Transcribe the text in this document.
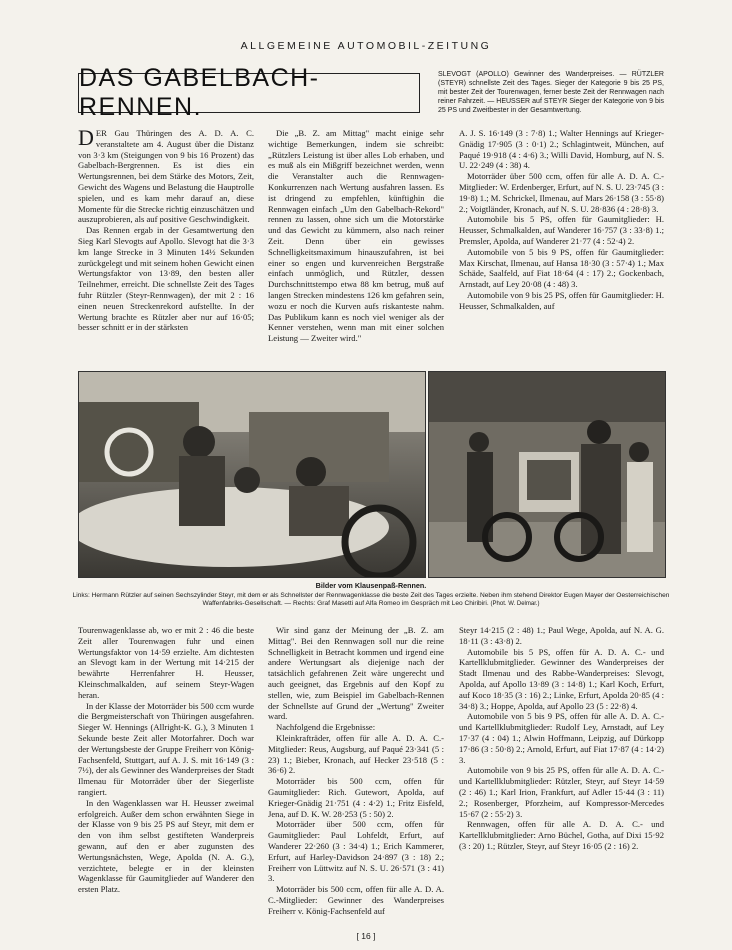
ALLGEMEINE AUTOMOBIL-ZEITUNG
DAS GABELBACH-RENNEN.

SLEVOGT (APOLLO) Gewinner des Wanderpreises. — RÜTZLER (STEYR) schnellste Zeit des Tages. Sieger der Kategorie 9 bis 25 PS, mit bester Zeit der Tourenwagen, ferner beste Zeit der Rennwagen nach reiner Fahrzeit. — HEUSSER auf STEYR Sieger der Kategorie von 9 bis 25 PS und Zweitbester in der Gesamtwertung.

DER Gau Thüringen des A. D. A. C. veranstaltete am 4. August über die Distanz von 3·3 km (Steigungen von 9 bis 16 Prozent) das Gabelbach-Bergrennen. Es ist dies ein Wertungsrennen, bei dem Stärke des Motors, Zeit, Gewicht des Wagens und Belastung die Hauptrolle spielen, und es kam mehr darauf an, diese Momente für die Strecke richtig einzuschätzen und auszuprobieren, als auf positive Geschwindigkeit.

Das Rennen ergab in der Gesamtwertung den Sieg Karl Slevogts auf Apollo. Slevogt hat die 3·3 km lange Strecke in 3 Minuten 14½ Sekunden zurückgelegt und mit seinem hohen Gewicht einen Wertungsfaktor von 13·89, den besten aller Teilnehmer, erreicht. Die schnellste Zeit des Tages fuhr Rützler (Steyr-Rennwagen), der mit 2 : 16 einen neuen Streckenrekord aufstellte. In der Wertung brachte es Rützler aber nur auf 16·05; besser schnitt er in der stärksten

Die „B. Z. am Mittag" macht einige sehr wichtige Bemerkungen, indem sie schreibt: „Rützlers Leistung ist über alles Lob erhaben, und es muß als ein Mißgriff bezeichnet werden, wenn die Veranstalter auch die Rennwagen-Konkurrenzen nach Wertung ausfahren lassen. Es ist dringend zu empfehlen, künftighin die Rennwagen einfach „Um den Gabelbach-Rekord" rennen zu lassen, ohne sich um die Motorstärke und das Gewicht zu kümmern, also nach reiner Zeit. Denn über ein gewisses Schnelligkeitsmaximum hinauszufahren, ist bei einer so engen und kurvenreichen Bergstraße einfach unmöglich, und Rützler, dessen Durchschnittstempo etwa 88 km betrug, muß auf langen Strecken mindestens 126 km gefahren sein, wozu er noch die Kurven aufs riskanteste nahm. Das Publikum kann es noch viel weniger als der Kenner verstehen, wenn man mit einer solchen Leistung — Zweiter wird."

A. J. S. 16·149 (3 : 7·8) 1.; Walter Hennings auf Krieger-Gnädig 17·905 (3 : 0·1) 2.; Schlagintweit, München, auf Paqué 19·918 (4 : 4·6) 3.; Willi David, Homburg, auf N. S. U. 22·249 (4 : 38) 4.

Motorräder über 500 ccm, offen für alle A. D. A. C.-Mitglieder: W. Erdenberger, Erfurt, auf N. S. U. 23·745 (3 : 19·8) 1.; M. Schrickel, Ilmenau, auf Mars 26·158 (3 : 55·8) 2.; Voigtländer, Kronach, auf N. S. U. 28·836 (4 : 28·8) 3.

Automobile bis 5 PS, offen für Gaumitglieder: H. Heusser, Schmalkalden, auf Wanderer 16·757 (3 : 33·8) 1.; Premsler, Apolda, auf Wanderer 21·77 (4 : 52·4) 2.

Automobile von 5 bis 9 PS, offen für Gaumitglieder: Max Kirschat, Ilmenau, auf Hansa 18·30 (3 : 57·4) 1.; Max Schäde, Saalfeld, auf Fiat 18·64 (4 : 17) 2.; Gockenbach, Arnstadt, auf Ley 20·08 (4 : 48) 3.

Automobile von 9 bis 25 PS, offen für Gaumitglieder: H. Heusser, Schmalkalden, auf

Bilder vom Klausenpaß-Rennen.
Links: Hermann Rützler auf seinen Sechszylinder Steyr, mit dem er als Schnellster der Rennwagenklasse die beste Zeit des Tages erzielte. Neben ihm stehend Direktor Eugen Mayer der Oesterreichischen Waffenfabriks-Gesellschaft. — Rechts: Graf Masetti auf Alfa Romeo im Gespräch mit Leo Chiribiri. (Phot. W. Delmar.)

Tourenwagenklasse ab, wo er mit 2 : 46 die beste Zeit aller Tourenwagen fuhr und einen Wertungsfaktor von 14·59 erzielte. Am dichtesten an Slevogt kam in der Wertung mit 14·215 der bewährte Herrenfahrer H. Heusser, Kleinschmalkalden, auf seinem Steyr-Wagen heran.

In der Klasse der Motorräder bis 500 ccm wurde die Bergmeisterschaft von Thüringen ausgefahren. Sieger W. Hennings (Allright-K. G.), 3 Minuten 1 Sekunde beste Zeit aller Motorfahrer. Doch war der Wertungsbeste der Gruppe Freiherr von König-Fachsenfeld, Stuttgart, auf A. J. S. mit 16·149 (3 : 7½), der als Gewinner des Wanderpreises der Stadt Ilmenau für Motorräder über der Siegerliste rangiert.

In den Wagenklassen war H. Heusser zweimal erfolgreich. Außer dem schon erwähnten Siege in der Klasse von 9 bis 25 PS auf Steyr, mit dem er den von ihm selbst gestifteten Wanderpreis gewann, auf den er aber zugunsten des Wertungsnächsten, Wege, Apolda (N. A. G.), verzichtete, belegte er in der kleinsten Wagenklasse für Gaumitglieder auf Wanderer den ersten Platz.

Wir sind ganz der Meinung der „B. Z. am Mittag". Bei den Rennwagen soll nur die reine Schnelligkeit in Betracht kommen und irgend eine andere Wertungsart als diejenige nach der tatsächlich gefahrenen Zeit wäre ungerecht und auch geeignet, das Ergebnis auf den Kopf zu stellen, wie, zum Beispiel im Gabelbach-Rennen der Schnellste auf Grund der „Wertung" Zweiter ward.

Nachfolgend die Ergebnisse:

Kleinkrafträder, offen für alle A. D. A. C.-Mitglieder: Reus, Augsburg, auf Paqué 23·341 (5 : 23) 1.; Bieber, Kronach, auf Hecker 23·518 (5 : 36·6) 2.

Motorräder bis 500 ccm, offen für Gaumitglieder: Rich. Gutewort, Apolda, auf Krieger-Gnädig 21·751 (4 : 4·2) 1.; Fritz Eisfeld, Jena, auf D. K. W. 28·253 (5 : 50) 2.

Motorräder über 500 ccm, offen für Gaumitglieder: Paul Lohfeldt, Erfurt, auf Wanderer 22·260 (3 : 34·4) 1.; Erich Kammerer, Erfurt, auf Harley-Davidson 24·897 (3 : 18) 2.; Freiherr von Lüttwitz auf N. S. U. 26·571 (3 : 41) 3.

Motorräder bis 500 ccm, offen für alle A. D. A. C.-Mitglieder: Gewinner des Wanderpreises Freiherr v. König-Fachsenfeld auf

Steyr 14·215 (2 : 48) 1.; Paul Wege, Apolda, auf N. A. G. 18·11 (3 : 43·8) 2.

Automobile bis 5 PS, offen für A. D. A. C.- und Kartellklubmitglieder. Gewinner des Wanderpreises der Stadt Ilmenau und des Rabbe-Wanderpreises: Slevogt, Apolda, auf Apollo 13·89 (3 : 14·8) 1.; Karl Koch, Erfurt, auf Koco 18·35 (3 : 16) 2.; Linke, Erfurt, Apolda 20·85 (4 : 34·8) 3.; Hoppe, Apolda, auf Apollo 23 (5 : 22·8) 4.

Automobile von 5 bis 9 PS, offen für alle A. D. A. C.- und Kartellklubmitglieder: Rudolf Ley, Arnstadt, auf Ley 17·37 (4 : 04) 1.; Alwin Hoffmann, Leipzig, auf Dürkopp 17·86 (3 : 50·8) 2.; Arnold, Erfurt, auf Fiat 17·87 (4 : 14·2) 3.

Automobile von 9 bis 25 PS, offen für alle A. D. A. C.- und Kartellklubmitglieder: Rützler, Steyr, auf Steyr 14·59 (2 : 46) 1.; Karl Irion, Frankfurt, auf Adler 15·44 (3 : 11) 2.; Rosenberger, Pforzheim, auf Kompressor-Mercedes 15·67 (2 : 55·2) 3.

Rennwagen, offen für alle A. D. A. C.- und Kartellklubmitglieder: Arno Büchel, Gotha, auf Dixi 15·92 (3 : 20) 1.; Rützler, Steyr, auf Steyr 16·05 (2 : 16) 2.

[ 16 ]
